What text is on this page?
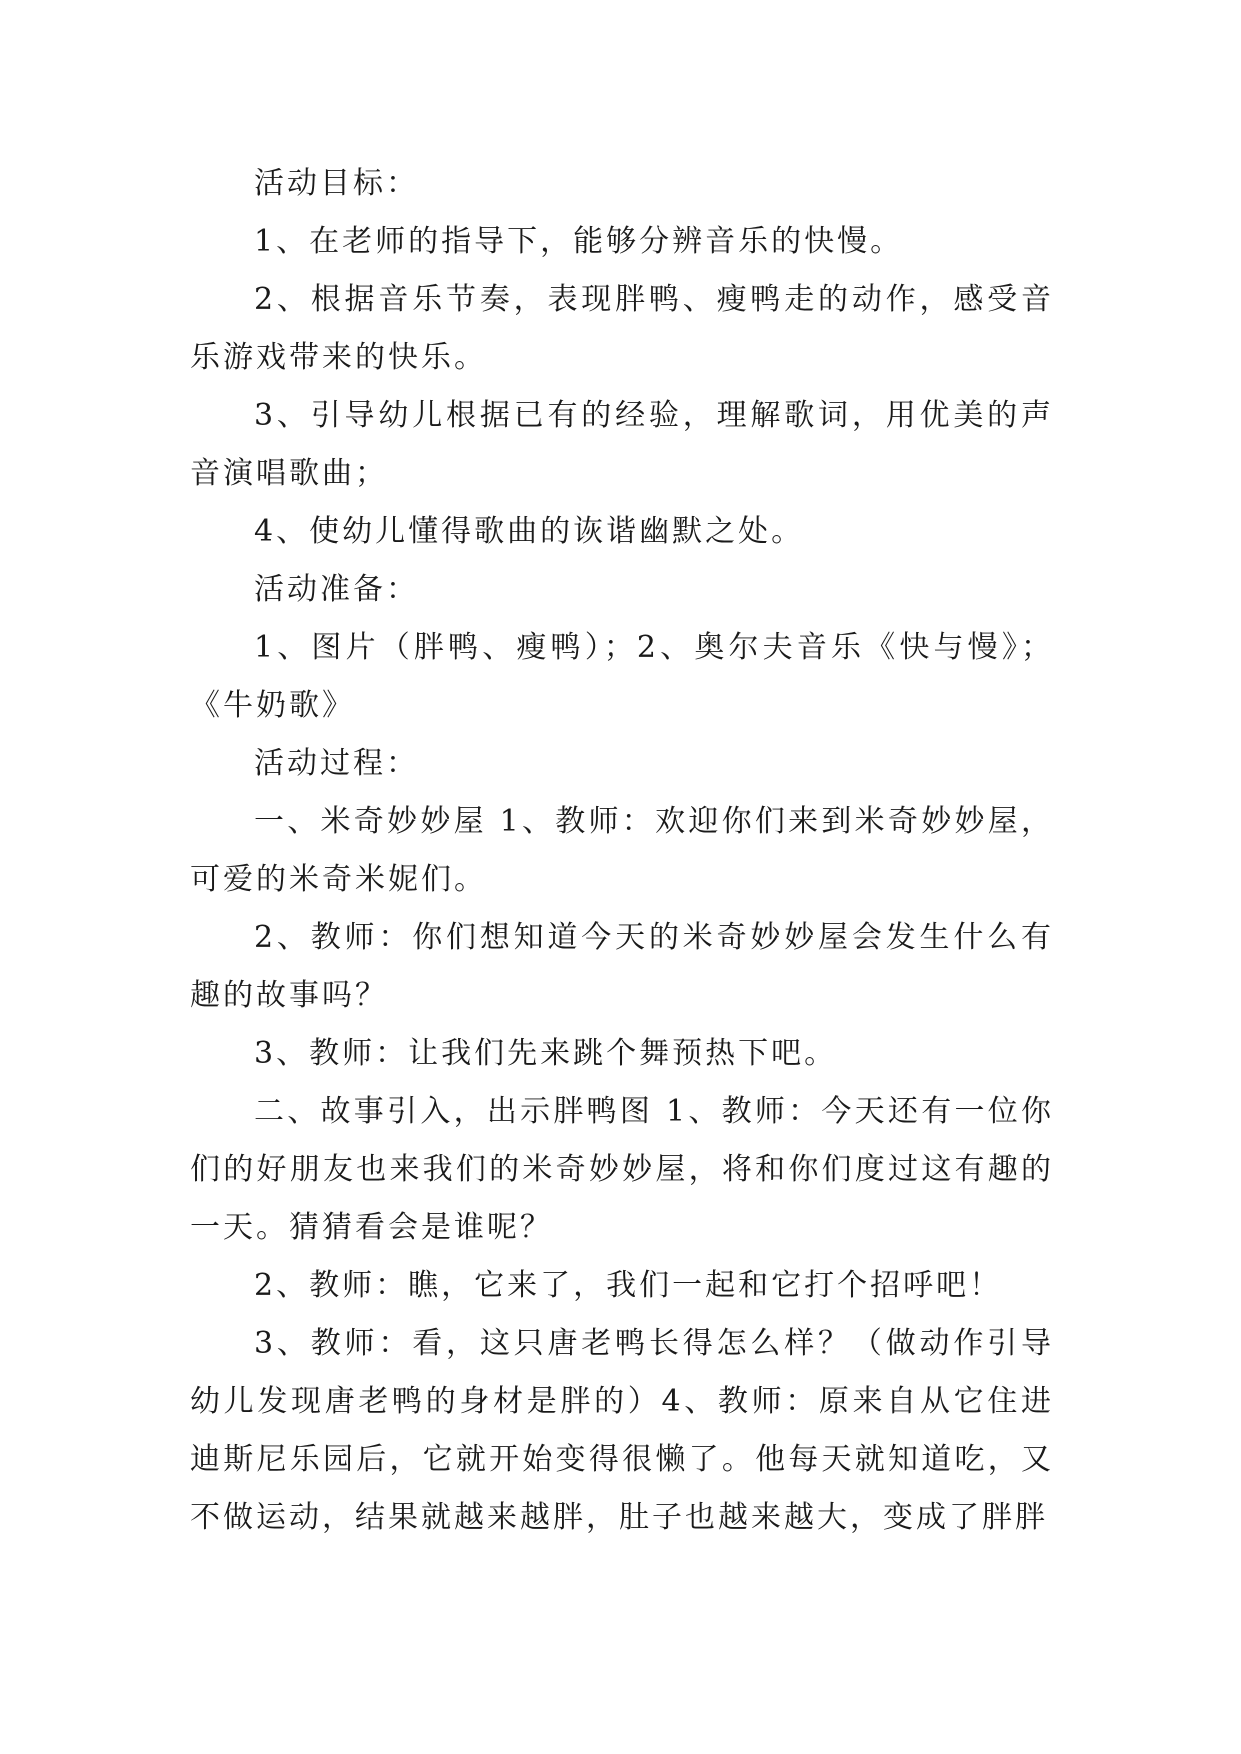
活动目标：

1、在老师的指导下，能够分辨音乐的快慢。

2、根据音乐节奏，表现胖鸭、瘦鸭走的动作，感受音乐游戏带来的快乐。

3、引导幼儿根据已有的经验，理解歌词，用优美的声音演唱歌曲；

4、使幼儿懂得歌曲的诙谐幽默之处。

活动准备：

1、图片（胖鸭、瘦鸭）；2、奥尔夫音乐《快与慢》；《牛奶歌》

活动过程：

一、米奇妙妙屋 1、教师：欢迎你们来到米奇妙妙屋，可爱的米奇米妮们。

2、教师：你们想知道今天的米奇妙妙屋会发生什么有趣的故事吗？

3、教师：让我们先来跳个舞预热下吧。

二、故事引入，出示胖鸭图 1、教师：今天还有一位你们的好朋友也来我们的米奇妙妙屋，将和你们度过这有趣的一天。猜猜看会是谁呢？

2、教师：瞧，它来了，我们一起和它打个招呼吧！

3、教师：看，这只唐老鸭长得怎么样？（做动作引导幼儿发现唐老鸭的身材是胖的）4、教师：原来自从它住进迪斯尼乐园后，它就开始变得很懒了。他每天就知道吃，又不做运动，结果就越来越胖，肚子也越来越大，变成了胖胖
